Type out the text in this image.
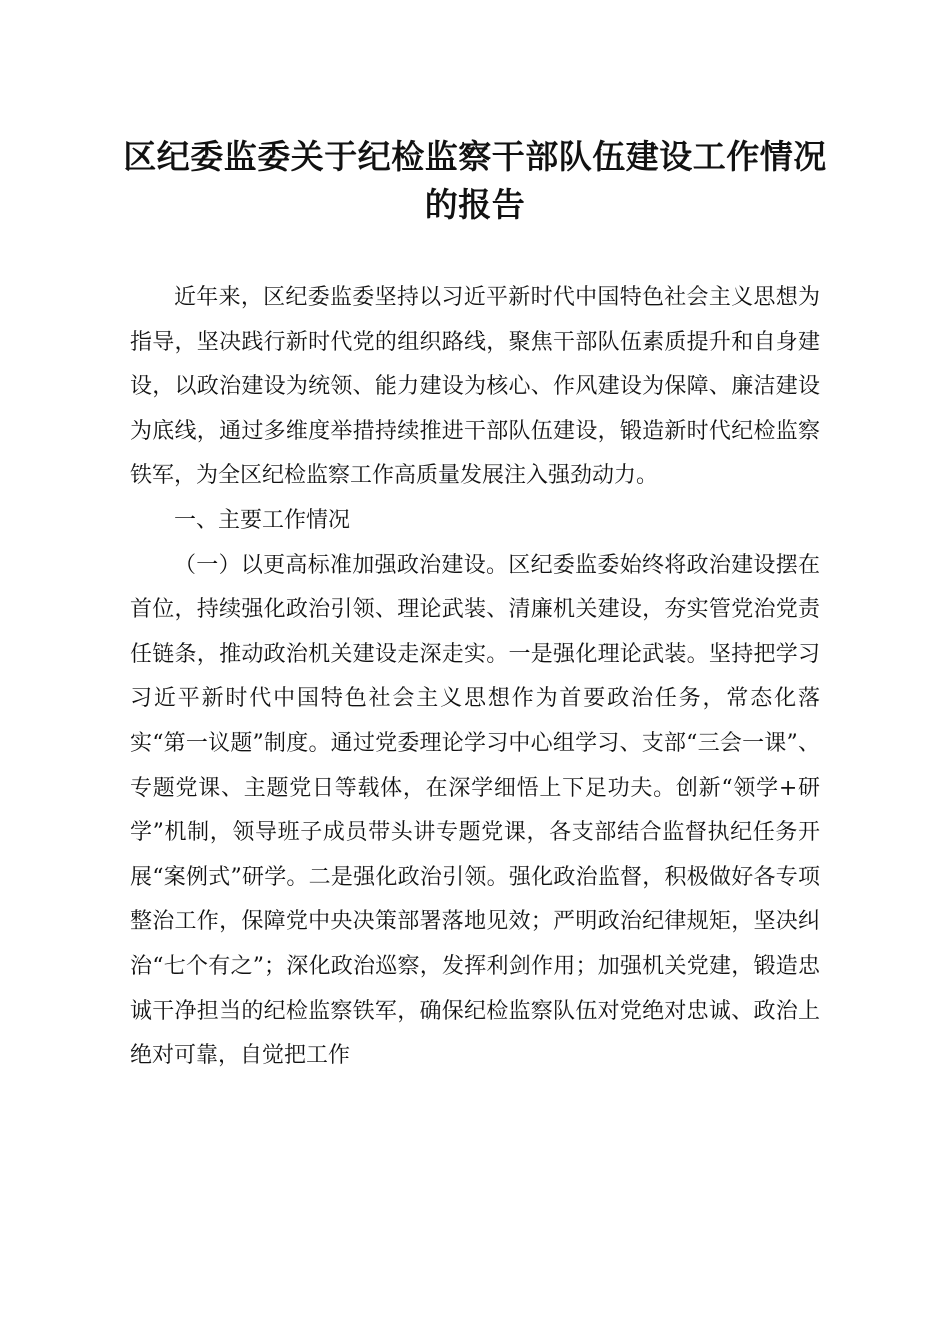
区纪委监委关于纪检监察干部队伍建设工作情况的报告

近年来，区纪委监委坚持以习近平新时代中国特色社会主义思想为指导，坚决践行新时代党的组织路线，聚焦干部队伍素质提升和自身建设，以政治建设为统领、能力建设为核心、作风建设为保障、廉洁建设为底线，通过多维度举措持续推进干部队伍建设，锻造新时代纪检监察铁军，为全区纪检监察工作高质量发展注入强劲动力。

一、主要工作情况

（一）以更高标准加强政治建设。区纪委监委始终将政治建设摆在首位，持续强化政治引领、理论武装、清廉机关建设，夯实管党治党责任链条，推动政治机关建设走深走实。一是强化理论武装。坚持把学习习近平新时代中国特色社会主义思想作为首要政治任务，常态化落实“第一议题”制度。通过党委理论学习中心组学习、支部“三会一课”、专题党课、主题党日等载体，在深学细悟上下足功夫。创新“领学+研学”机制，领导班子成员带头讲专题党课，各支部结合监督执纪任务开展“案例式”研学。二是强化政治引领。强化政治监督，积极做好各专项整治工作，保障党中央决策部署落地见效；严明政治纪律规矩，坚决纠治“七个有之”；深化政治巡察，发挥利剑作用；加强机关党建，锻造忠诚干净担当的纪检监察铁军，确保纪检监察队伍对党绝对忠诚、政治上绝对可靠，自觉把工作
